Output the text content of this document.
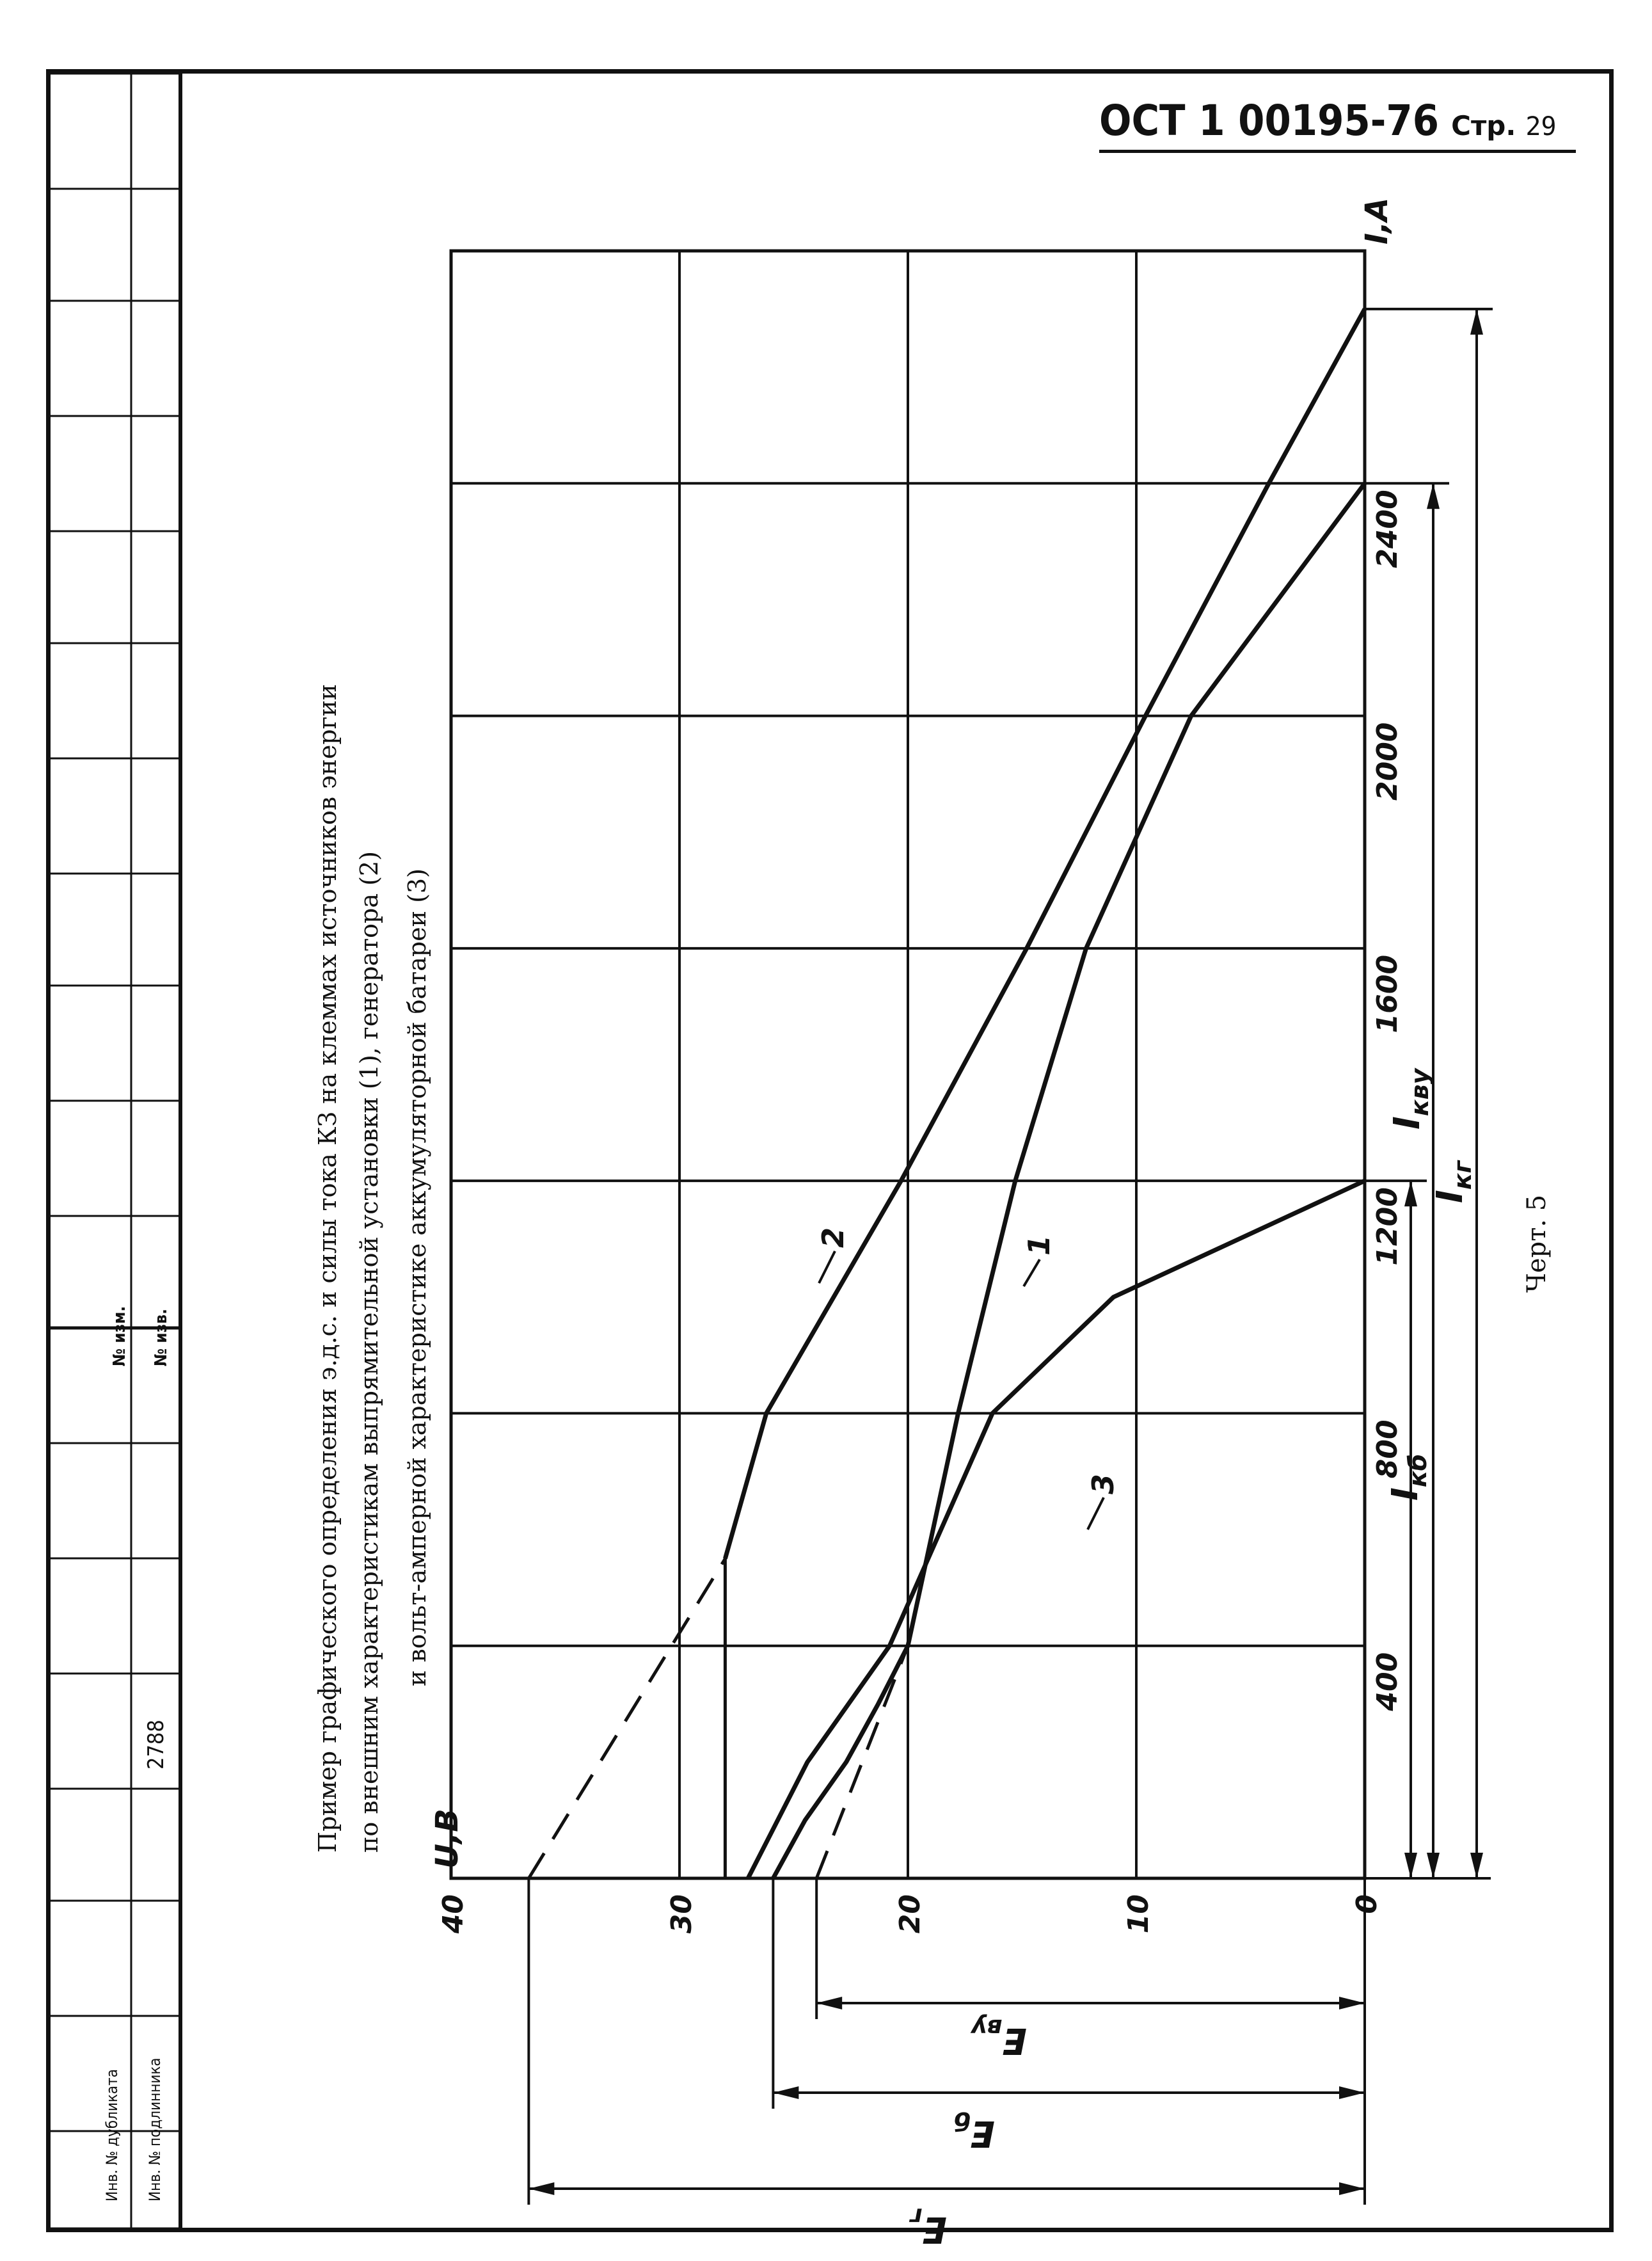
Инв. № дубликата Инв. № подлинника
2788
№ изм. № изв.
2	1
3
0
10
20
30
40
400
800
1200
1600
2000
2400
U,B
I,A
$E_{ву}$
$E_б$
$E_г$
$I_{кб}$
$I_{кву}$
$I_{кг}$
Пример графического определения э.д.с. и силы тока КЗ на клеммах источников энергии по внешним характеристикам выпрямительной установки (1), генератора (2) и вольт-амперной характеристике аккумуляторной батареи (3)	Черт. 5
ОСТ 1 00195-76 Стр. 29
